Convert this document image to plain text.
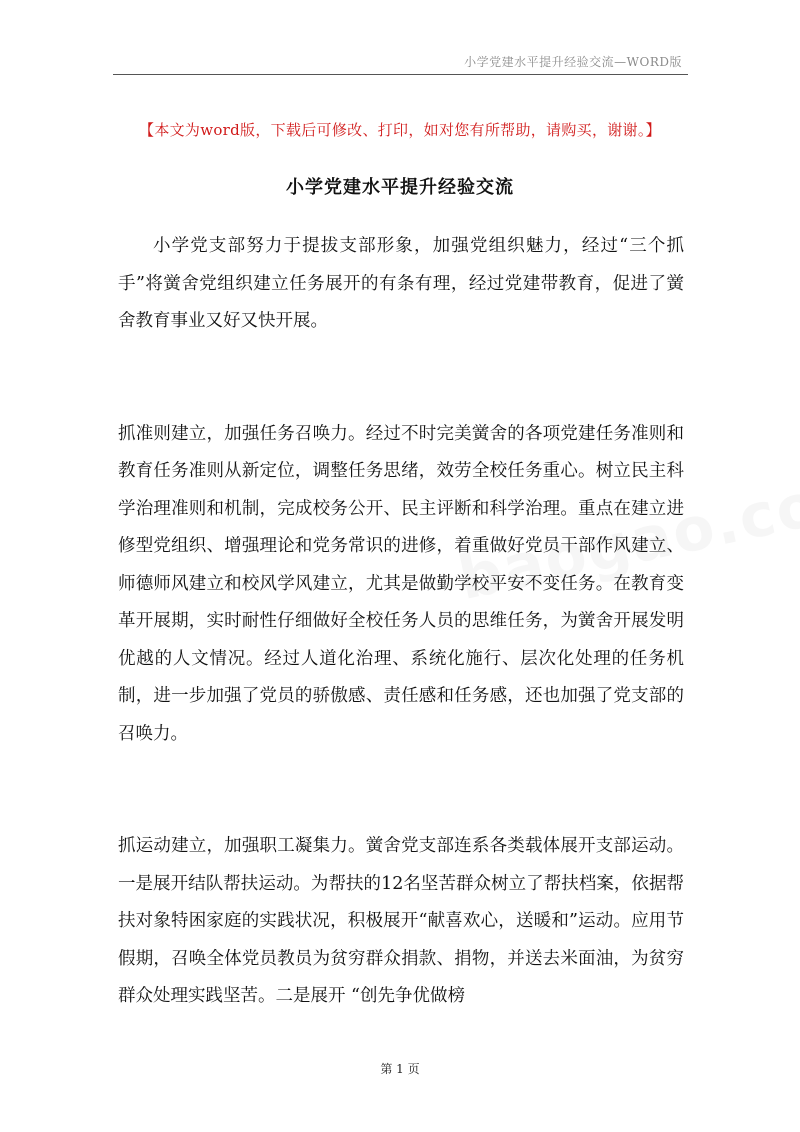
小学党建水平提升经验交流—WORD版
【本文为word版，下载后可修改、打印，如对您有所帮助，请购买，谢谢。】
小学党建水平提升经验交流

小学党支部努力于提拔支部形象，加强党组织魅力，经过“三个抓手”将黉舍党组织建立任务展开的有条有理，经过党建带教育，促进了黉舍教育事业又好又快开展。

抓准则建立，加强任务召唤力。经过不时完美黉舍的各项党建任务准则和教育任务准则从新定位，调整任务思绪，效劳全校任务重心。树立民主科学治理准则和机制，完成校务公开、民主评断和科学治理。重点在建立进修型党组织、增强理论和党务常识的进修，着重做好党员干部作风建立、师德师风建立和校风学风建立，尤其是做勤学校平安不变任务。在教育变革开展期，实时耐性仔细做好全校任务人员的思维任务，为黉舍开展发明优越的人文情况。经过人道化治理、系统化施行、层次化处理的任务机制，进一步加强了党员的骄傲感、责任感和任务感，还也加强了党支部的召唤力。

抓运动建立，加强职工凝集力。黉舍党支部连系各类载体展开支部运动。一是展开结队帮扶运动。为帮扶的12名坚苦群众树立了帮扶档案，依据帮扶对象特困家庭的实践状况，积极展开“献喜欢心，送暖和”运动。应用节假期，召唤全体党员教员为贫穷群众捐款、捐物，并送去米面油，为贫穷群众处理实践坚苦。二是展开 “创先争优做榜

第 1 页
